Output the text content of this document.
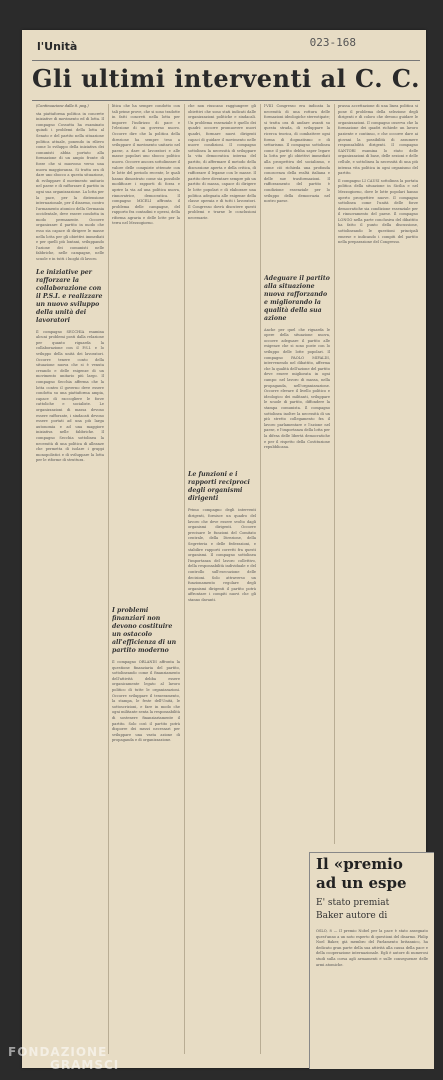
l'Unità	023-168
Gli ultimi interventi al C. C.
(Continuazione dalla 8. pag.)
sta piattaforma politica in concrete iniziative di movimento ed di lotta. Il compagno Cossutta ha esaminato quindi i problemi della lotta al Senato e del partito nella situazione politica attuale, ponendo in rilievo come lo sviluppo della iniziativa dei comunisti abbia portato alla formazione di un ampio fronte di forze che si muovono verso una nuova maggioranza. Si tratta ora di dare uno sbocco a questa situazione, di sviluppare il movimento unitario nel paese e di rafforzare il partito in ogni sua organizzazione. La lotta per la pace, per la distensione internazionale, per il disarmo, contro l'armamento atomico della Germania occidentale, deve essere condotta in modo permanente. Occorre organizzare il partito in modo che esso sia capace di dirigere le masse nella lotta per gli obiettivi immediati e per quelli più lontani, sviluppando l'azione dei comunisti nelle fabbriche, nelle campagne, nelle scuole e in tutti i luoghi di lavoro.
Le iniziative per rafforzare la collaborazione con il P.S.I. e realizzare un nuovo sviluppo della unità dei lavoratori
Il compagno SECCHIA esamina alcuni problemi posti dalla relazione per quanto riguarda la collaborazione con il P.S.I. e lo sviluppo della unità dei lavoratori. Occorre tenere conto della situazione nuova che si è venuta creando e delle esigenze di un movimento unitario più largo. Il compagno Secchia afferma che la lotta contro il governo deve essere condotta su una piattaforma ampia, capace di raccogliere le forze cattoliche e socialiste. Le organizzazioni di massa devono essere rafforzate, i sindacati devono essere portati ad una più larga autonomia e ad una maggiore iniziativa nelle fabbriche. Il compagno Secchia sottolinea la necessità di una politica di alleanze che permetta di isolare i gruppi monopolistici e di sviluppare la lotta per le riforme di struttura.
litica che ha sempre condotto con tali prime prove, che si sono tradotte in fatti concreti nella lotta per imporre l'indirizzo di pace e l'elezione di un governo nuovo. Occorre dire che la politica della direzione ha sempre teso a sviluppare il movimento unitario nel paese, a dare ai lavoratori e alle masse popolari uno sbocco politico nuovo. Occorre ancora sottolineare il valore delle conquiste ottenute con le lotte del periodo recente, le quali hanno dimostrato come sia possibile modificare i rapporti di forza e aprire la via ad una politica nuova, rinnovatrice, democratica. Il compagno MICELI affronta il problema delle campagne, del rapporto fra contadini e operai, della riforma agraria e delle lotte per la terra nel Mezzogiorno.
I problemi finanziari non devono costituire un ostacolo all'efficienza di un partito moderno
Il compagno ORLANDI affronta la questione finanziaria del partito, sottolineando come il finanziamento dell'attività debba essere organicamente legato al lavoro politico di tutte le organizzazioni. Occorre sviluppare il tesseramento, la stampa, le feste dell'Unità, le sottoscrizioni, e fare in modo che ogni militante senta la responsabilità di sostenere finanziariamente il partito. Solo così il partito potrà disporre dei mezzi necessari per sviluppare una vasta azione di propaganda e di organizzazione.
che non riuscano raggiungere gli obiettivi che sono stati indicati dalle organizzazioni politiche e sindacali. Un problema essenziale è quello dei quadri: occorre promuovere nuovi quadri, formare nuovi dirigenti capaci di guidare il movimento nelle nuove condizioni. Il compagno sottolinea la necessità di sviluppare la vita democratica interna del partito, di affermare il metodo della discussione aperta e della critica, di rafforzare il legame con le masse. Il partito deve diventare sempre più un partito di massa, capace di dirigere le lotte popolari e di elaborare una politica adeguata alle esigenze della classe operaia e di tutti i lavoratori. Il Congresso dovrà discutere questi problemi e trarne le conclusioni necessarie.
Le funzioni e i rapporti reciproci degli organismi dirigenti
Primo compagno degli interventi dirigenti, fornisce un quadro del lavoro che deve essere svolto dagli organismi dirigenti. Occorre precisare le funzioni del Comitato centrale, della Direzione, della Segreteria e delle federazioni, e stabilire rapporti corretti fra questi organismi. Il compagno sottolinea l'importanza del lavoro collettivo, della responsabilità individuale e del controllo sull'esecuzione delle decisioni. Solo attraverso un funzionamento regolare degli organismi dirigenti il partito potrà affrontare i compiti nuovi che gli stanno davanti.
l'VIII Congresso era indicata la necessità di una rottura delle formazioni ideologiche stereotipate; si tratta ora di andare avanti su questa strada, di sviluppare la ricerca teorica, di combattere ogni forma di dogmatismo e di settarismo. Il compagno sottolinea come il partito debba saper legare la lotta per gli obiettivi immediati alla prospettiva del socialismo, e come ciò richieda una profonda conoscenza della realtà italiana e delle sue trasformazioni. Il rafforzamento del partito è condizione essenziale per lo sviluppo della democrazia nel nostro paese.
Adeguare il partito alla situazione nuova rafforzando e migliorando la qualità della sua azione
Anche per quel che riguarda le opere della situazione nuova, occorre adeguare il partito alle esigenze che si sono poste con lo sviluppo delle lotte popolari. Il compagno PAOLO MIFALDI, intervenendo nel dibattito, afferma che la qualità dell'azione del partito deve essere migliorata in ogni campo: nel lavoro di massa, nella propaganda, nell'organizzazione. Occorre elevare il livello politico e ideologico dei militanti, sviluppare le scuole di partito, diffondere la stampa comunista. Il compagno sottolinea inoltre la necessità di un più stretto collegamento fra il lavoro parlamentare e l'azione nel paese, e l'importanza della lotta per la difesa delle libertà democratiche e per il rispetto della Costituzione repubblicana.
prassa accettazione di una linea politica si pone il problema della selezione degli dirigenti e di coloro che devono guidare le organizzazioni. Il compagno osserva che la formazione dei quadri richiede un lavoro paziente e continuo, e che occorre dare ai giovani la possibilità di assumere responsabilità dirigenti. Il compagno SANTORI esamina lo stato delle organizzazioni di base, delle sezioni e delle cellule, e sottolinea la necessità di una più intensa vita politica in ogni organismo del partito.
Il compagno LI CAUSI sottolinea la portata politica della situazione in Sicilia e nel Mezzogiorno, dove le lotte popolari hanno aperto prospettive nuove. Il compagno sottolinea come l'unità delle forze democratiche sia condizione essenziale per il rinnovamento del paese. Il compagno LONGO nella parte conclusiva del dibattito ha fatto il punto della discussione, sottolineando le questioni principali emerse e indicando i compiti del partito nella preparazione del Congresso.
Il «premio
ad un espe
E' stato premiat
Baker autore di
OSLO, 8 — Il premio Nobel per la pace è stato assegnato quest'anno a un noto esperto di questioni del disarmo. Philip Noel Baker, già membro del Parlamento britannico, ha dedicato gran parte della sua attività alla causa della pace e della cooperazione internazionale. Egli è autore di numerosi studi sulla corsa agli armamenti e sulle conseguenze delle armi atomiche.
FONDAZIONE
GRAMSCI
